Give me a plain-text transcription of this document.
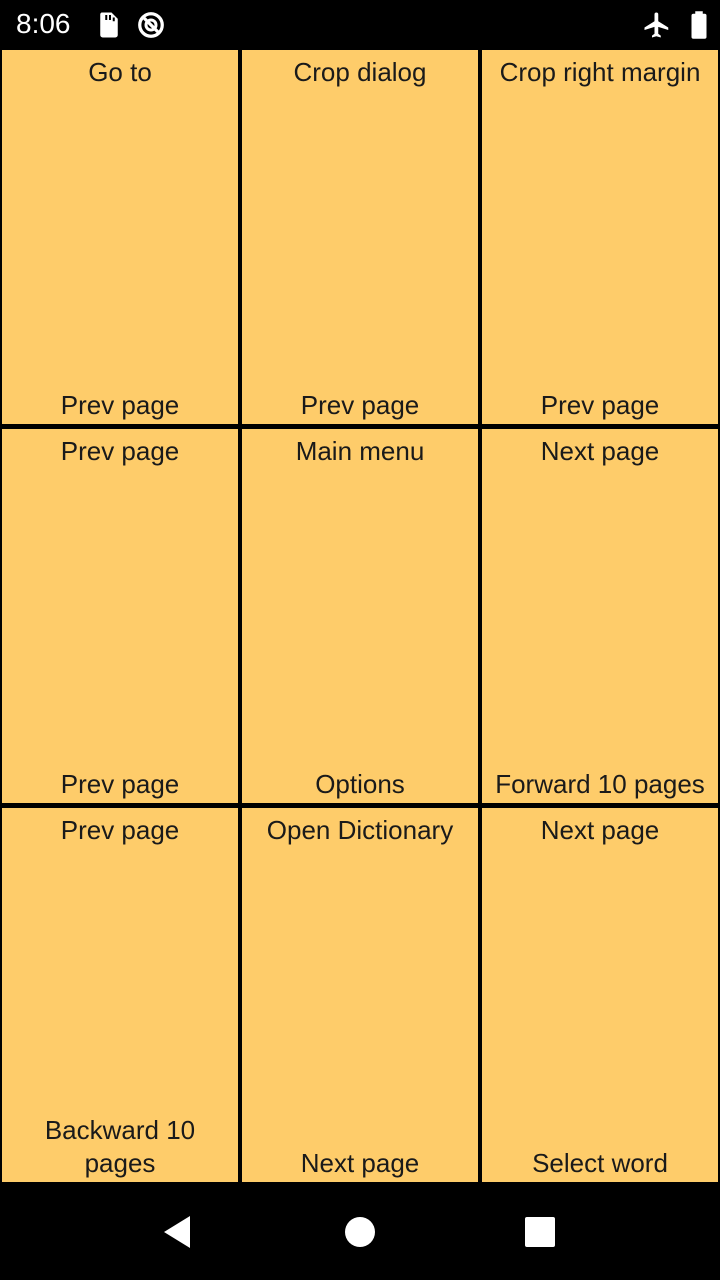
8:06
Go to
Prev page
Crop dialog
Prev page
Crop right margin
Prev page
Prev page
Prev page
Main menu
Options
Next page
Forward 10 pages
Prev page
Backward 10 pages
Open Dictionary
Next page
Next page
Select word
